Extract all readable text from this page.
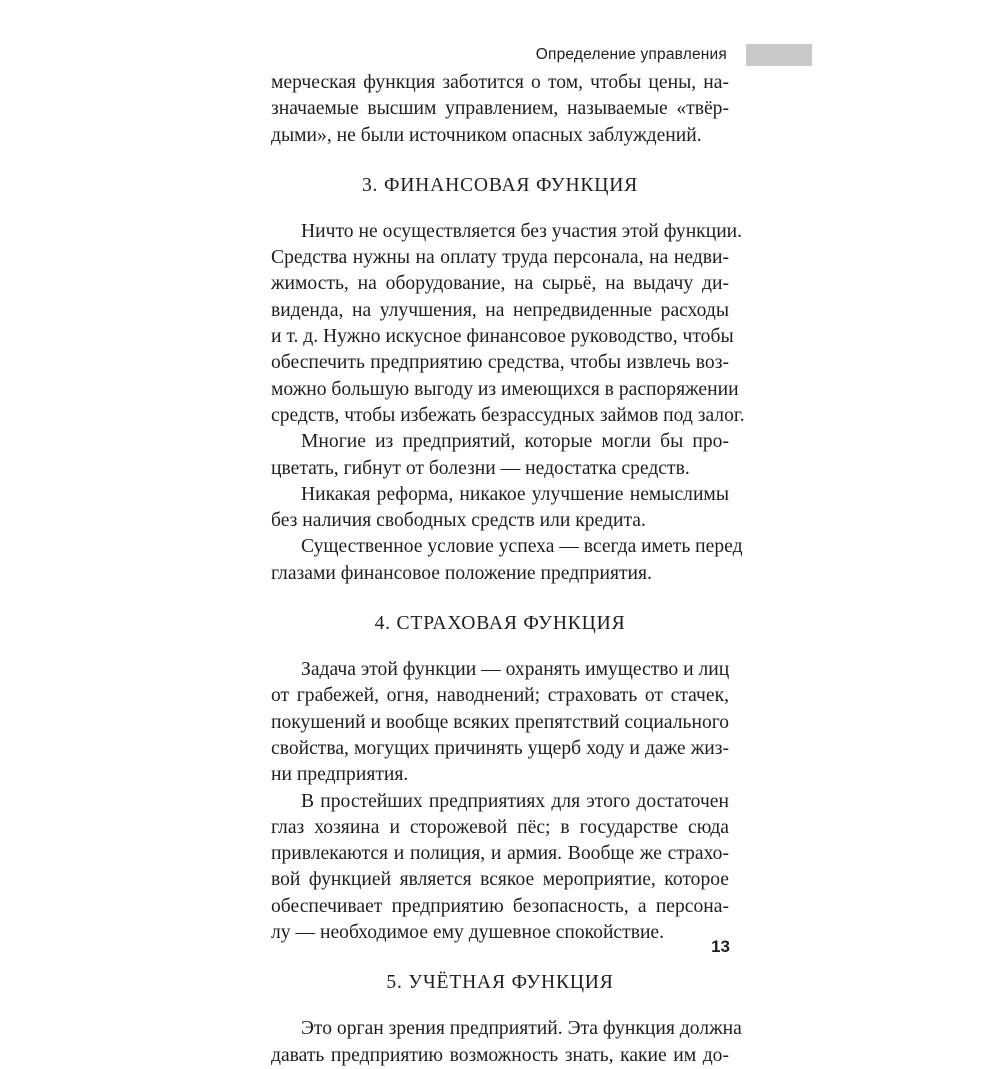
Определение управления
мерческая функция заботится о том, чтобы цены, на-
значаемые высшим управлением, называемые «твёр-
дыми», не были источником опасных заблуждений.
3. ФИНАНСОВАЯ ФУНКЦИЯ
Ничто не осуществляется без участия этой функции.
Средства нужны на оплату труда персонала, на недви-
жимость, на оборудование, на сырьё, на выдачу ди-
виденда, на улучшения, на непредвиденные расходы
и т. д. Нужно искусное финансовое руководство, чтобы
обеспечить предприятию средства, чтобы извлечь воз-
можно большую выгоду из имеющихся в распоряжении
средств, чтобы избежать безрассудных займов под залог.
Многие из предприятий, которые могли бы про-
цветать, гибнут от болезни — недостатка средств.
Никакая реформа, никакое улучшение немыслимы
без наличия свободных средств или кредита.
Существенное условие успеха — всегда иметь перед
глазами финансовое положение предприятия.
4. СТРАХОВАЯ ФУНКЦИЯ
Задача этой функции — охранять имущество и лиц
от грабежей, огня, наводнений; страховать от стачек,
покушений и вообще всяких препятствий социального
свойства, могущих причинять ущерб ходу и даже жиз-
ни предприятия.
В простейших предприятиях для этого достаточен
глаз хозяина и сторожевой пёс; в государстве сюда
привлекаются и полиция, и армия. Вообще же страхо-
вой функцией является всякое мероприятие, которое
обеспечивает предприятию безопасность, а персона-
лу — необходимое ему душевное спокойствие.
5. УЧЁТНАЯ ФУНКЦИЯ
Это орган зрения предприятий. Эта функция должна
давать предприятию возможность знать, какие им до-
13
